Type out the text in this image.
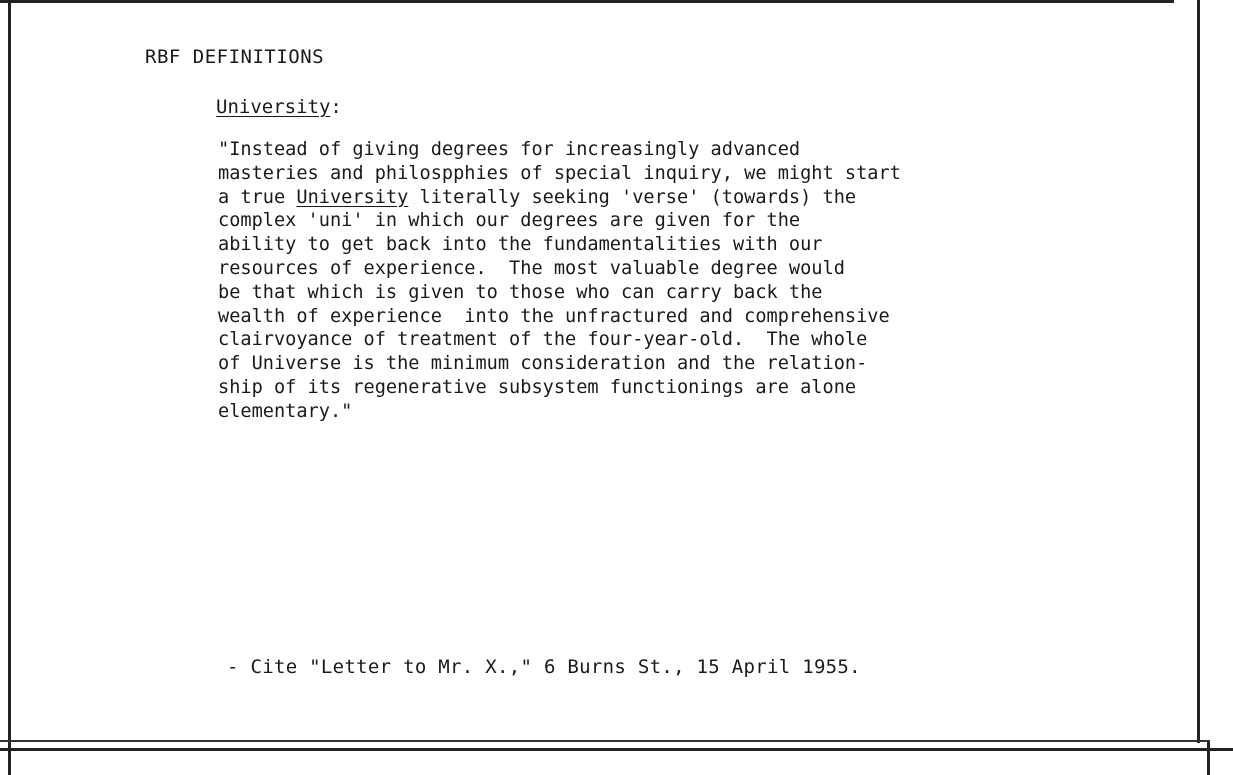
RBF DEFINITIONS
University:
"Instead of giving degrees for increasingly advanced
masteries and philospphies of special inquiry, we might start
a true University literally seeking 'verse' (towards) the
complex 'uni' in which our degrees are given for the
ability to get back into the fundamentalities with our
resources of experience.  The most valuable degree would
be that which is given to those who can carry back the
wealth of experience  into the unfractured and comprehensive
clairvoyance of treatment of the four-year-old.  The whole
of Universe is the minimum consideration and the relation-
ship of its regenerative subsystem functionings are alone
elementary."

- Cite "Letter to Mr. X.," 6 Burns St., 15 April 1955.
